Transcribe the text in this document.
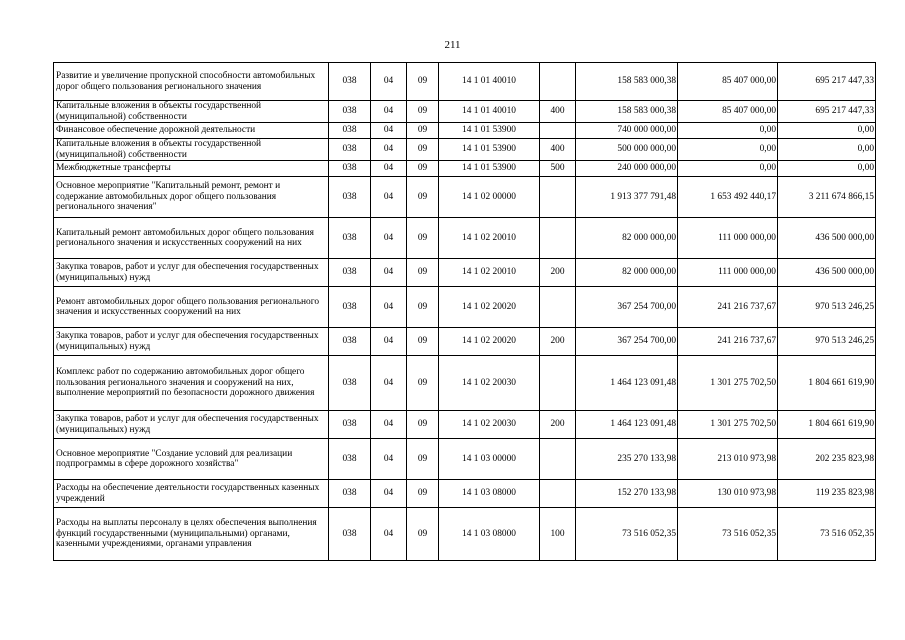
211
Развитие и увеличение пропускной способности автомобильных дорог общего пользования регионального значения	038	04	09	14 1 01 40010		158 583 000,38	85 407 000,00	695 217 447,33
Капитальные вложения в объекты государственной (муниципальной) собственности	038	04	09	14 1 01 40010	400	158 583 000,38	85 407 000,00	695 217 447,33
Финансовое обеспечение дорожной деятельности	038	04	09	14 1 01 53900		740 000 000,00	0,00	0,00
Капитальные вложения в объекты государственной (муниципальной) собственности	038	04	09	14 1 01 53900	400	500 000 000,00	0,00	0,00
Межбюджетные трансферты	038	04	09	14 1 01 53900	500	240 000 000,00	0,00	0,00
Основное мероприятие "Капитальный ремонт, ремонт и содержание автомобильных дорог общего пользования регионального значения"	038	04	09	14 1 02 00000		1 913 377 791,48	1 653 492 440,17	3 211 674 866,15
Капитальный ремонт автомобильных дорог общего пользования регионального значения и искусственных сооружений на них	038	04	09	14 1 02 20010		82 000 000,00	111 000 000,00	436 500 000,00
Закупка товаров, работ и услуг для обеспечения государственных (муниципальных) нужд	038	04	09	14 1 02 20010	200	82 000 000,00	111 000 000,00	436 500 000,00
Ремонт автомобильных дорог общего пользования регионального значения и искусственных сооружений на них	038	04	09	14 1 02 20020		367 254 700,00	241 216 737,67	970 513 246,25
Закупка товаров, работ и услуг для обеспечения государственных (муниципальных) нужд	038	04	09	14 1 02 20020	200	367 254 700,00	241 216 737,67	970 513 246,25
Комплекс работ по содержанию автомобильных дорог общего пользования регионального значения и сооружений на них, выполнение мероприятий по безопасности дорожного движения	038	04	09	14 1 02 20030		1 464 123 091,48	1 301 275 702,50	1 804 661 619,90
Закупка товаров, работ и услуг для обеспечения государственных (муниципальных) нужд	038	04	09	14 1 02 20030	200	1 464 123 091,48	1 301 275 702,50	1 804 661 619,90
Основное мероприятие "Создание условий для реализации подпрограммы в сфере дорожного хозяйства"	038	04	09	14 1 03 00000		235 270 133,98	213 010 973,98	202 235 823,98
Расходы на обеспечение деятельности государственных казенных учреждений	038	04	09	14 1 03 08000		152 270 133,98	130 010 973,98	119 235 823,98
Расходы на выплаты персоналу в целях обеспечения выполнения функций государственными (муниципальными) органами, казенными учреждениями, органами управления	038	04	09	14 1 03 08000	100	73 516 052,35	73 516 052,35	73 516 052,35
